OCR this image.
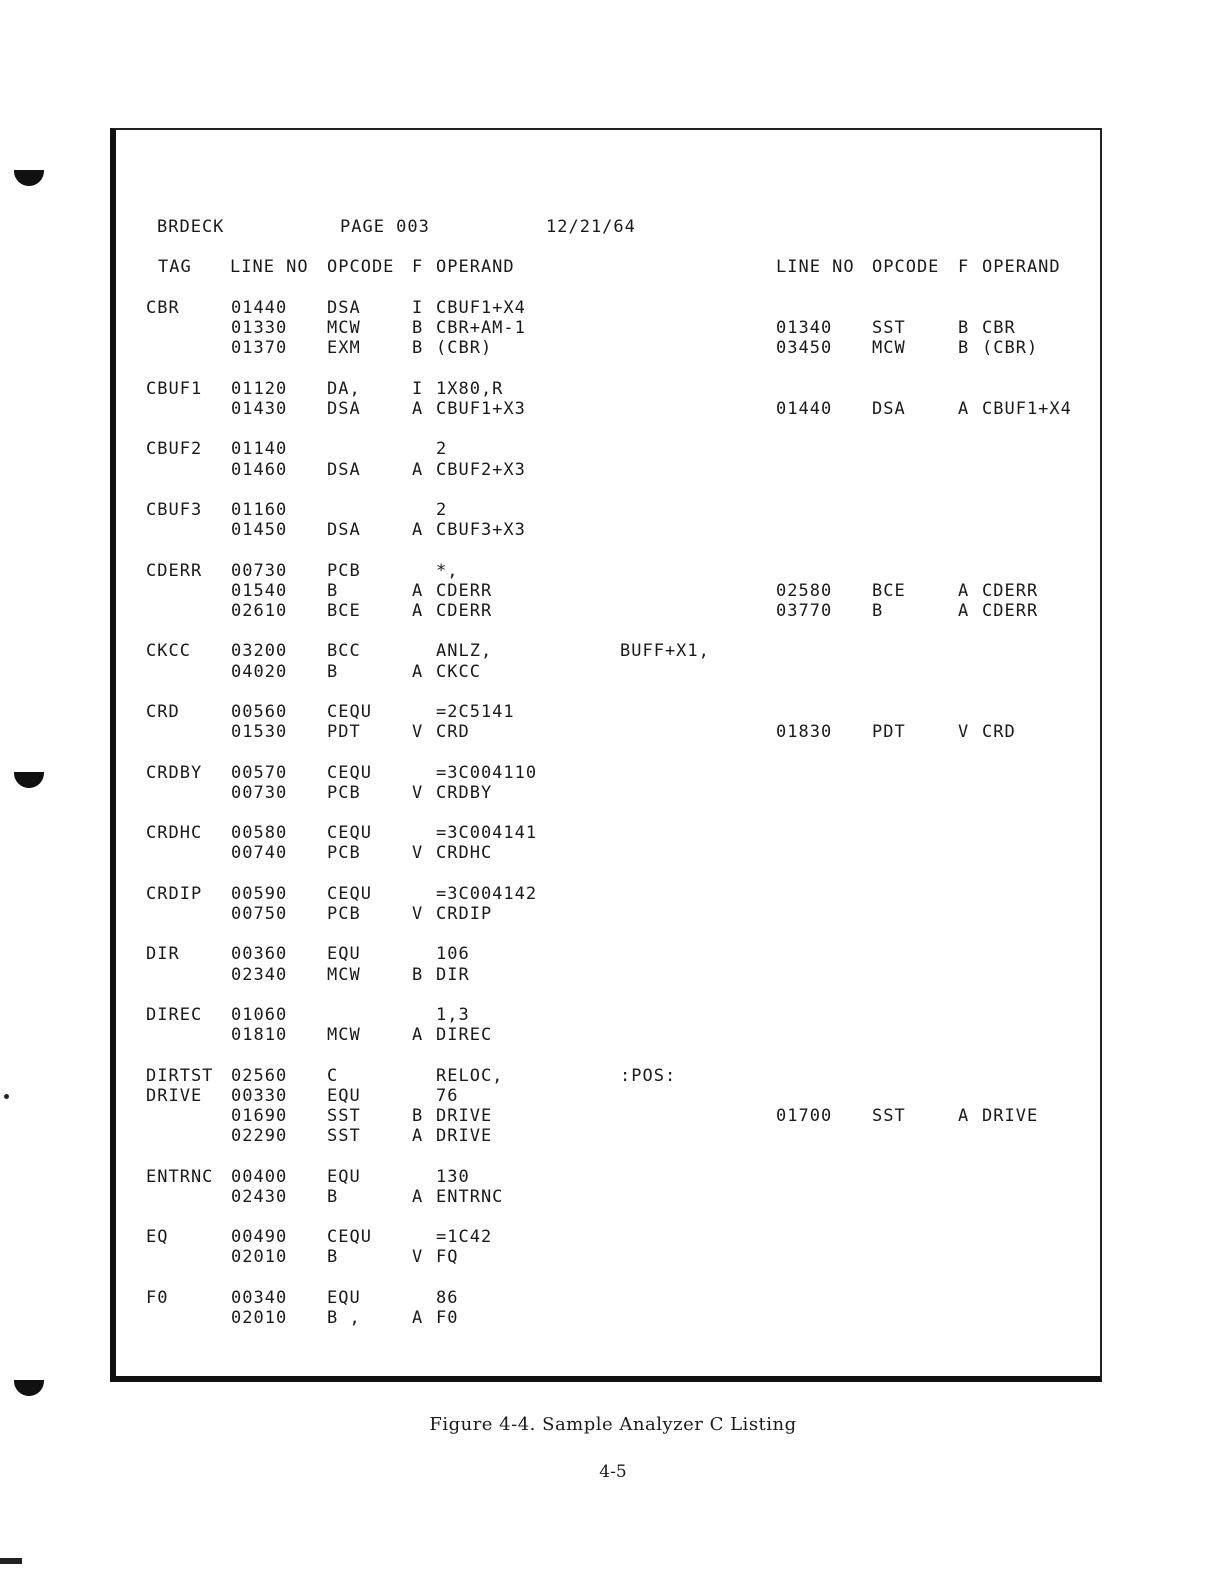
BRDECK	PAGE 003	12/21/64
TAG LINE NO OPCODE F OPERAND	LINE NO OPCODE F OPERAND
CBR	01440 DSA	I CBUF1+X4
01330 MCW	B CBR+AM-1	01340 SST	B CBR
01370 EXM	B (CBR)	03450 MCW	B (CBR)
CBUF1 01120 DA,	I 1X80,R
01430 DSA	A CBUF1+X3	01440 DSA	A CBUF1+X4
CBUF2 01140	2
01460 DSA	A CBUF2+X3
CBUF3 01160	2
01450 DSA	A CBUF3+X3
CDERR 00730 PCB	*,
01540 B	A CDERR	02580 BCE	A CDERR
02610 BCE	A CDERR	03770 B	A CDERR
CKCC 03200 BCC	ANLZ,	BUFF+X1,
04020 B	A CKCC
CRD	00560 CEQU	=2C5141
01530 PDT	V CRD	01830 PDT	V CRD
CRDBY 00570 CEQU	=3C004110
00730 PCB	V CRDBY
CRDHC 00580 CEQU	=3C004141
00740 PCB	V CRDHC
CRDIP 00590 CEQU	=3C004142
00750 PCB	V CRDIP
DIR	00360 EQU	106
02340 MCW	B DIR
DIREC 01060	1,3
01810 MCW	A DIREC
DIRTST 02560 C	RELOC,	:POS:
DRIVE 00330 EQU	76
01690 SST	B DRIVE	01700 SST	A DRIVE
02290 SST	A DRIVE
ENTRNC 00400 EQU	130
02430 B	A ENTRNC
EQ	00490 CEQU	=1C42
02010 B	V FQ
F0	00340 EQU	86
02010 B ,	A F0
Figure 4-4. Sample Analyzer C Listing
4-5
